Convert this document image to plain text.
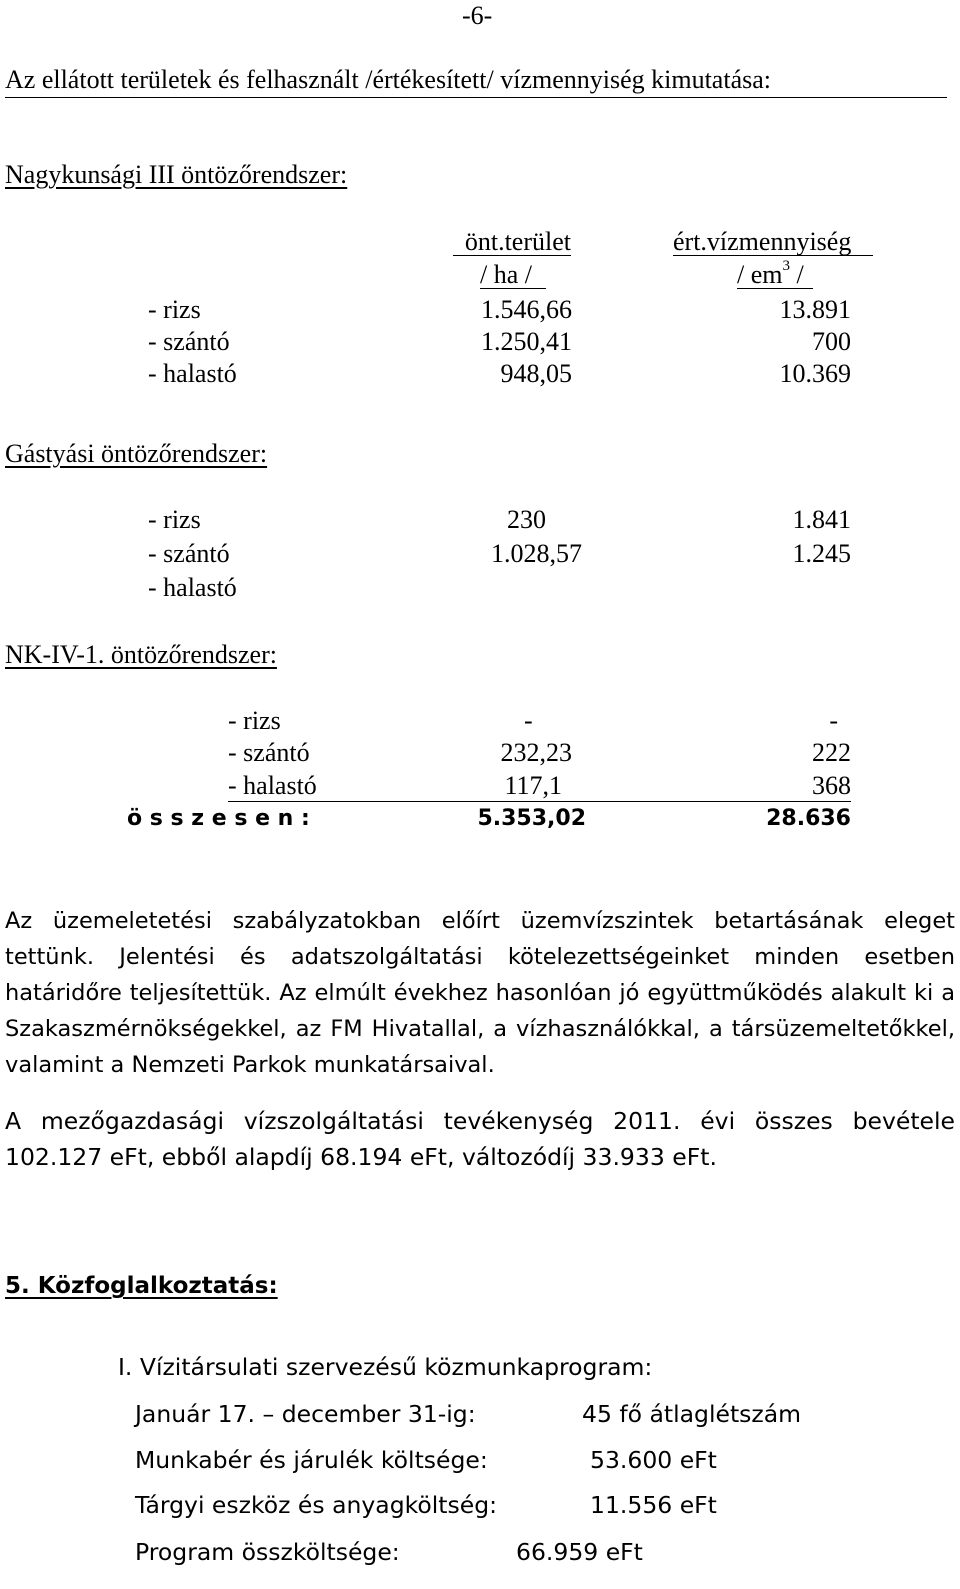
-6-
Az ellátott területek és felhasznált /értékesített/ vízmennyiség kimutatása:
Nagykunsági III öntözőrendszer:
önt.terület	ért.vízmennyiség
/ ha /	/ $em^3$ /
- rizs	1.546,66	13.891
- szántó	1.250,41	700
- halastó	948,05	10.369
Gástyási öntözőrendszer:
- rizs	230	1.841
- szántó	1.028,57	1.245
- halastó
NK-IV-1. öntözőrendszer:
- rizs	-	-
- szántó	232,23	222
- halastó	117,1	368
ö s s z e s e n :	5.353,02	28.636
Az üzemeletetési szabályzatokban előírt üzemvízszintek betartásának eleget tettünk. Jelentési és adatszolgáltatási kötelezettségeinket minden esetben határidőre teljesítettük. Az elmúlt évekhez hasonlóan jó együttműködés alakult ki a Szakaszmérnökségekkel, az FM Hivatallal, a vízhasználókkal, a társüzemeltetőkkel, valamint a Nemzeti Parkok munkatársaival.
A mezőgazdasági vízszolgáltatási tevékenység 2011. évi összes bevétele 102.127 eFt, ebből alapdíj 68.194 eFt, változódíj 33.933 eFt.
5. Közfoglalkoztatás:
I. Vízitársulati szervezésű közmunkaprogram:
Január 17. – december 31-ig:	45 fő átlaglétszám
Munkabér és járulék költsége:	53.600 eFt
Tárgyi eszköz és anyagköltség:	11.556 eFt
Program összköltsége:	66.959 eFt
